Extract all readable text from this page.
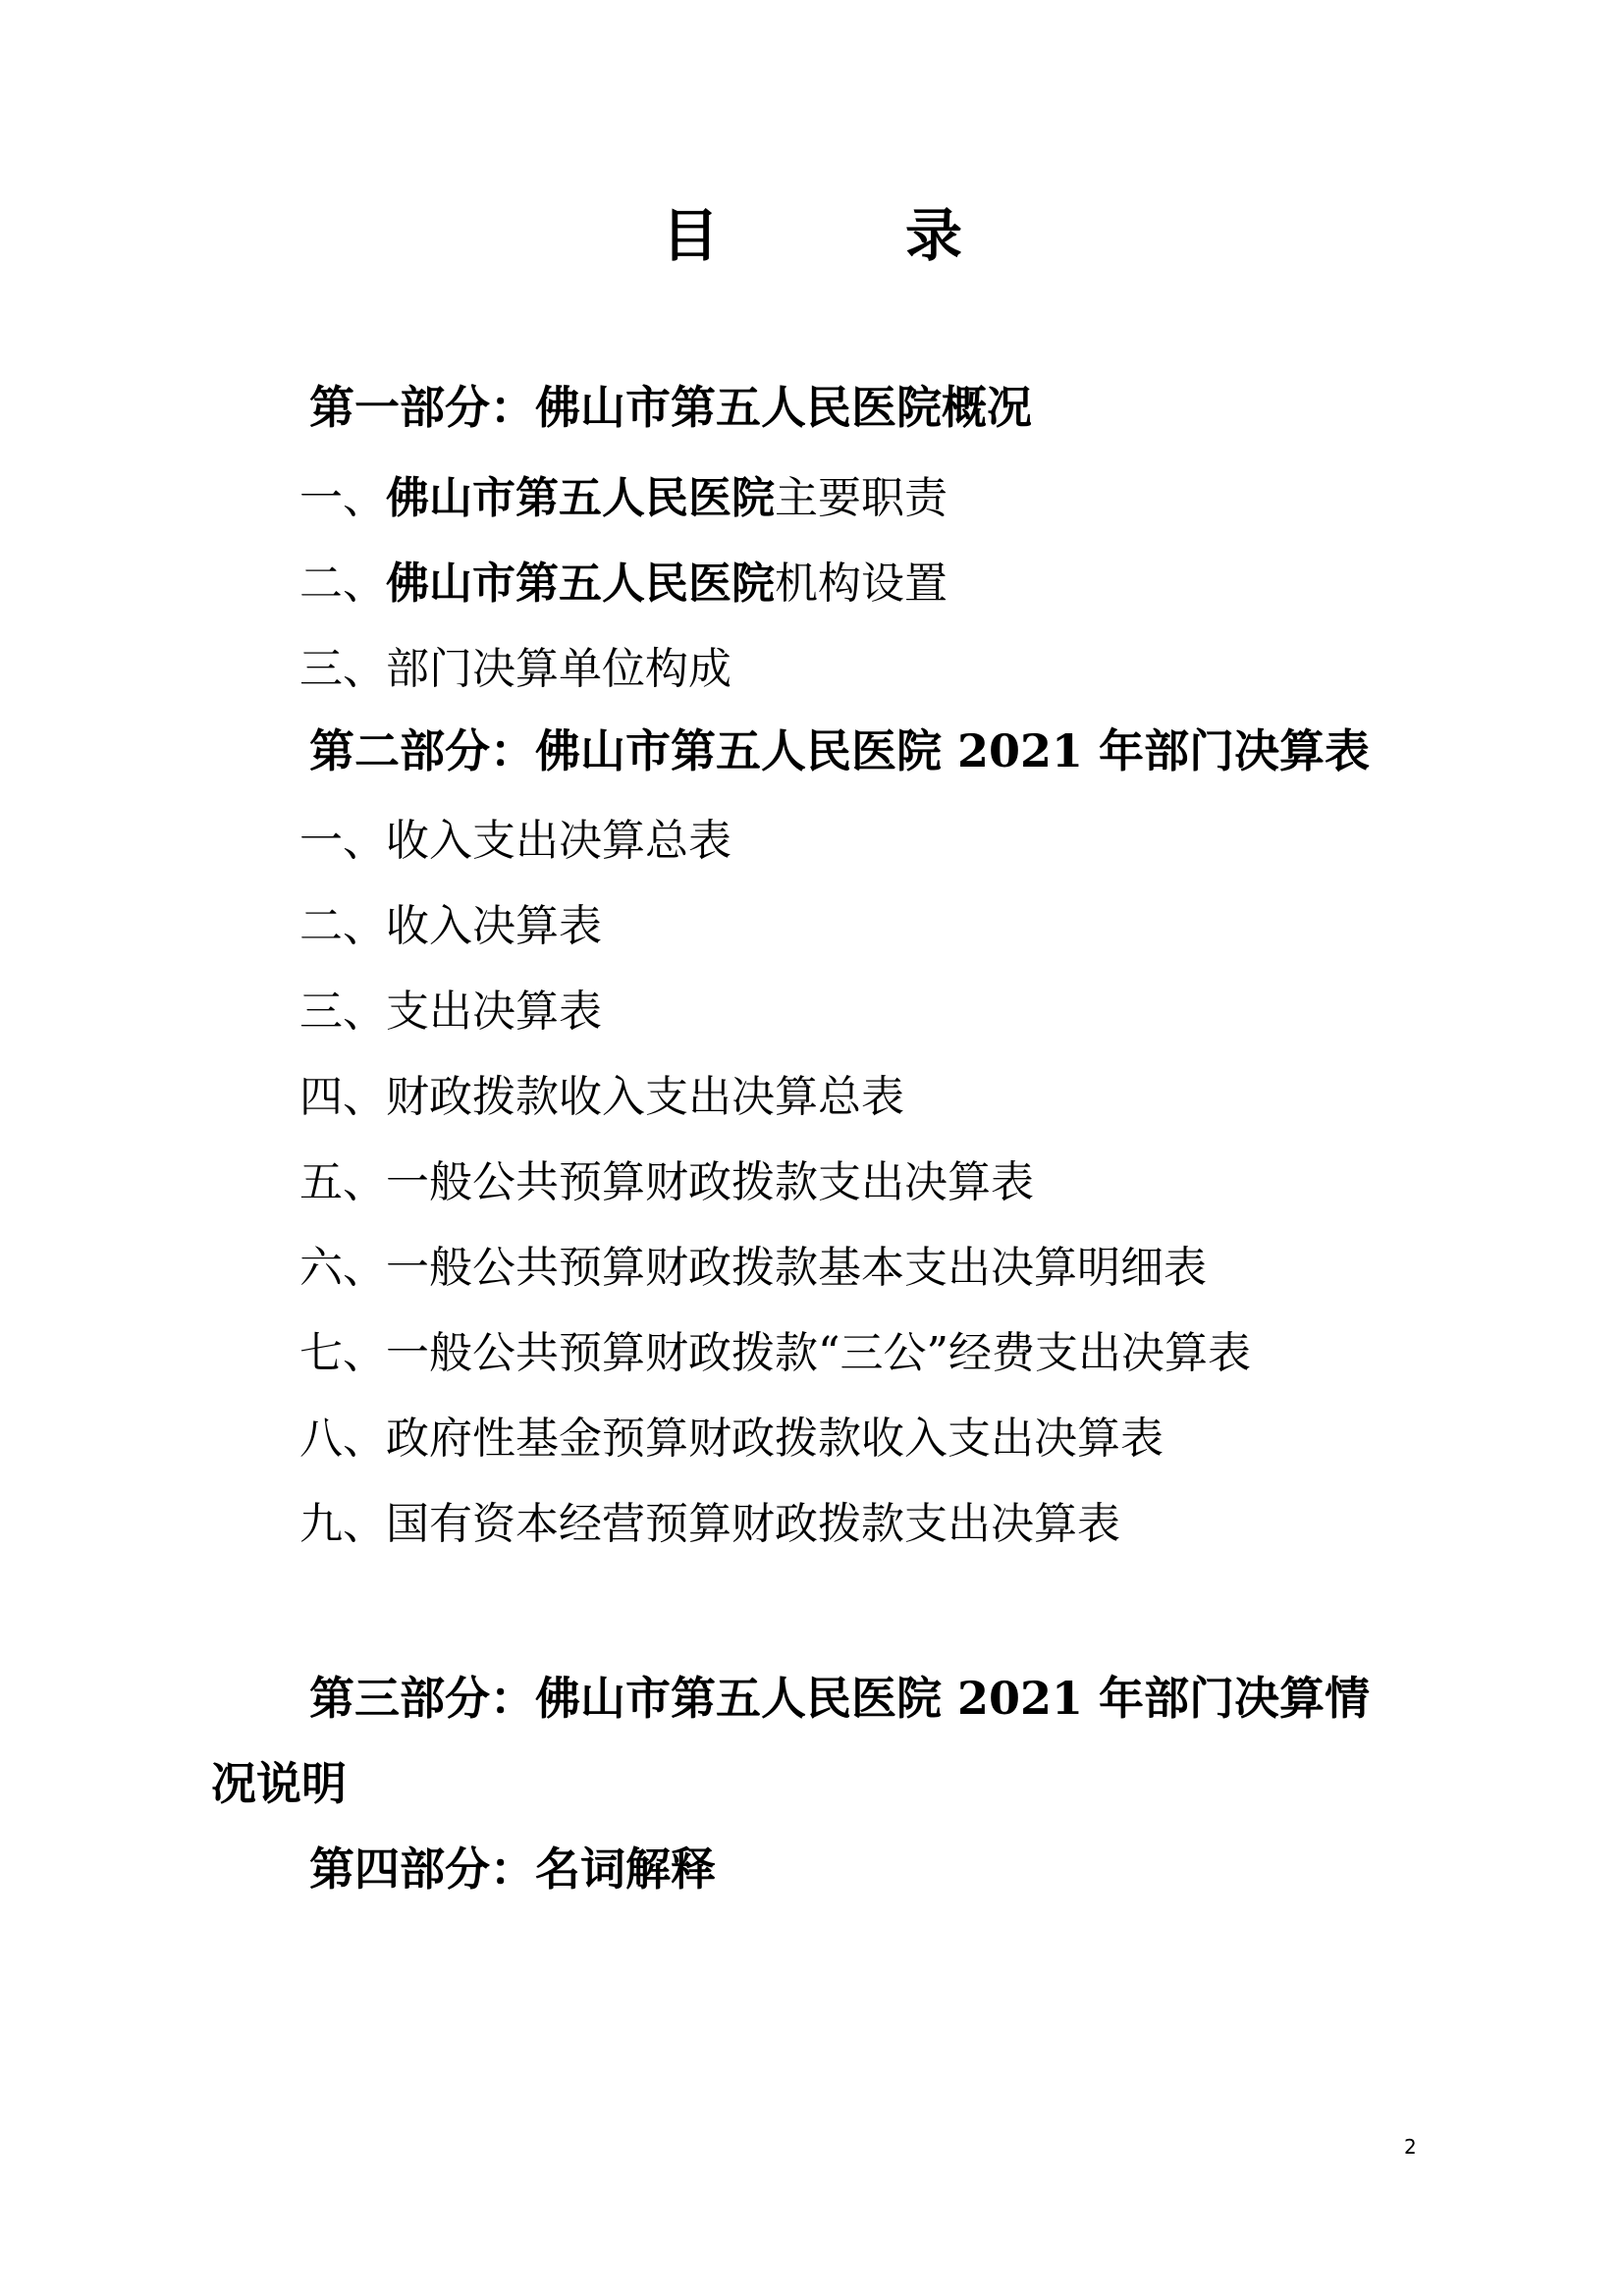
目	录
第一部分：佛山市第五人民医院概况
一、佛山市第五人民医院主要职责
二、佛山市第五人民医院机构设置
三、部门决算单位构成
第二部分：佛山市第五人民医院 2021 年部门决算表
一、收入支出决算总表
二、收入决算表
三、支出决算表
四、财政拨款收入支出决算总表
五、一般公共预算财政拨款支出决算表
六、一般公共预算财政拨款基本支出决算明细表
七、一般公共预算财政拨款“三公”经费支出决算表
八、政府性基金预算财政拨款收入支出决算表
九、国有资本经营预算财政拨款支出决算表
第三部分：佛山市第五人民医院 2021 年部门决算情
况说明
第四部分：名词解释
2
